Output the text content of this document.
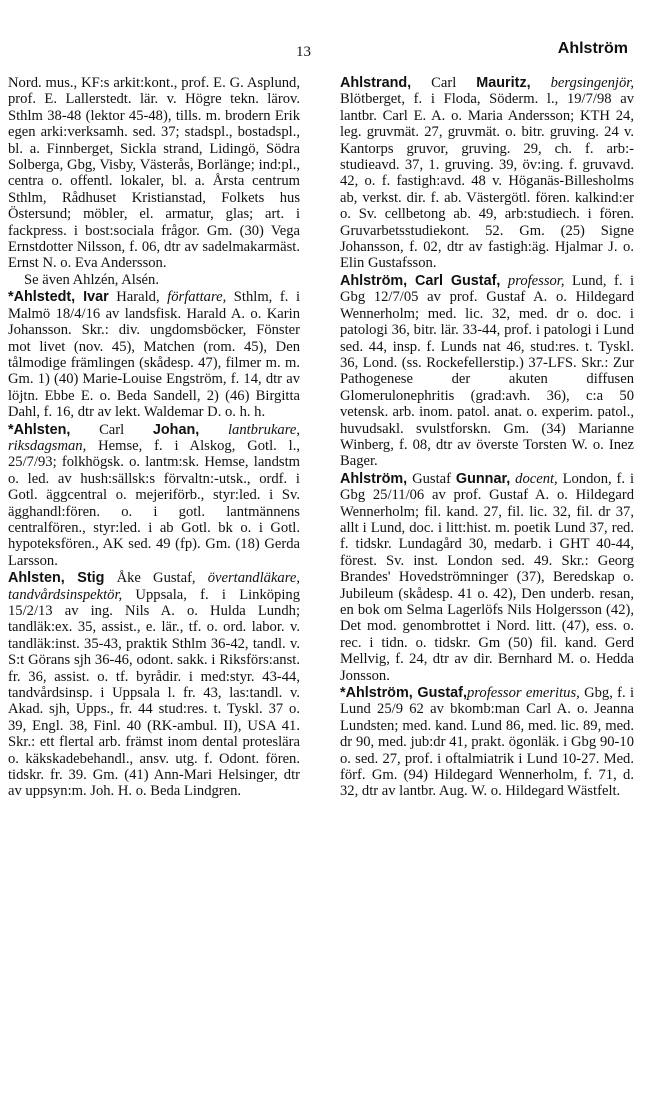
13	Ahlström

Nord. mus., KF:s arkit:kont., prof. E. G. Asplund, prof. E. Lallerstedt. lär. v. Högre tekn. lärov. Sthlm 38-48 (lektor 45-48), tills. m. brodern Erik egen arki:verksamh. sed. 37; stadspl., bostadspl., bl. a. Finnberget, Sickla strand, Lidingö, Södra Solberga, Gbg, Visby, Västerås, Borlänge; ind:pl., centra o. offentl. lokaler, bl. a. Årsta centrum Sthlm, Rådhuset Kristianstad, Folkets hus Östersund; möbler, el. armatur, glas; art. i fackpress. i bost:sociala frågor. Gm. (30) Vega Ernstdotter Nilsson, f. 06, dtr av sadelmakarmäst. Ernst N. o. Eva Andersson.

Se även Ahlzén, Alsén.

*Ahlstedt, Ivar Harald, författare, Sthlm, f. i Malmö 18/4/16 av landsfisk. Harald A. o. Karin Johansson. Skr.: div. ungdomsböcker, Fönster mot livet (nov. 45), Matchen (rom. 45), Den tålmodige främlingen (skådesp. 47), filmer m. m. Gm. 1) (40) Marie-Louise Engström, f. 14, dtr av löjtn. Ebbe E. o. Beda Sandell, 2) (46) Birgitta Dahl, f. 16, dtr av lekt. Waldemar D. o. h. h.

*Ahlsten, Carl Johan, lantbrukare, riksdagsman, Hemse, f. i Alskog, Gotl. l., 25/7/93; folkhögsk. o. lantm:sk. Hemse, landstm o. led. av hush:sällsk:s förvaltn:-utsk., ordf. i Gotl. äggcentral o. mejeriförb., styr:led. i Sv. ägghandl:fören. o. i gotl. lantmännens centralfören., styr:led. i ab Gotl. bk o. i Gotl. hypoteksfören., AK sed. 49 (fp). Gm. (18) Gerda Larsson.

Ahlsten, Stig Åke Gustaf, övertandläkare, tandvårdsinspektör, Uppsala, f. i Linköping 15/2/13 av ing. Nils A. o. Hulda Lundh; tandläk:ex. 35, assist., e. lär., tf. o. ord. labor. v. tandläk:inst. 35-43, praktik Sthlm 36-42, tandl. v. S:t Görans sjh 36-46, odont. sakk. i Riksförs:anst. fr. 36, assist. o. tf. byrådir. i med:styr. 43-44, tandvårdsinsp. i Uppsala l. fr. 43, las:tandl. v. Akad. sjh, Upps., fr. 44 stud:res. t. Tyskl. 37 o. 39, Engl. 38, Finl. 40 (RK-ambul. II), USA 41. Skr.: ett flertal arb. främst inom dental proteslära o. käkskadebehandl., ansv. utg. f. Odont. fören. tidskr. fr. 39. Gm. (41) Ann-Mari Helsinger, dtr av uppsyn:m. Joh. H. o. Beda Lindgren.

Ahlstrand, Carl Mauritz, bergsingenjör, Blötberget, f. i Floda, Söderm. l., 19/7/98 av lantbr. Carl E. A. o. Maria Andersson; KTH 24, leg. gruvmät. 27, gruvmät. o. bitr. gruving. 24 v. Kantorps gruvor, gruving. 29, ch. f. arb:-studieavd. 37, 1. gruving. 39, öv:ing. f. gruvavd. 42, o. f. fastigh:avd. 48 v. Höganäs-Billesholms ab, verkst. dir. f. ab. Västergötl. fören. kalkind:er o. Sv. cellbetong ab. 49, arb:studiech. i fören. Gruvarbetsstudiekont. 52. Gm. (25) Signe Johansson, f. 02, dtr av fastigh:äg. Hjalmar J. o. Elin Gustafsson.

Ahlström, Carl Gustaf, professor, Lund, f. i Gbg 12/7/05 av prof. Gustaf A. o. Hildegard Wennerholm; med. lic. 32, med. dr o. doc. i patologi 36, bitr. lär. 33-44, prof. i patologi i Lund sed. 44, insp. f. Lunds nat 46, stud:res. t. Tyskl. 36, Lond. (ss. Rockefellerstip.) 37-LFS. Skr.: Zur Pathogenese der akuten diffusen Glomerulonephritis (grad:avh. 36), c:a 50 vetensk. arb. inom. patol. anat. o. experim. patol., huvudsakl. svulstforskn. Gm. (34) Marianne Winberg, f. 08, dtr av överste Torsten W. o. Inez Bager.

Ahlström, Gustaf Gunnar, docent, London, f. i Gbg 25/11/06 av prof. Gustaf A. o. Hildegard Wennerholm; fil. kand. 27, fil. lic. 32, fil. dr 37, allt i Lund, doc. i litt:hist. m. poetik Lund 37, red. f. tidskr. Lundagård 30, medarb. i GHT 40-44, förest. Sv. inst. London sed. 49. Skr.: Georg Brandes' Hovedströmninger (37), Beredskap o. Jubileum (skådesp. 41 o. 42), Den underb. resan, en bok om Selma Lagerlöfs Nils Holgersson (42), Det mod. genombrottet i Nord. litt. (47), ess. o. rec. i tidn. o. tidskr. Gm (50) fil. kand. Gerd Mellvig, f. 24, dtr av dir. Bernhard M. o. Hedda Jonsson.

*Ahlström, Gustaf,professor emeritus, Gbg, f. i Lund 25/9 62 av bkomb:man Carl A. o. Jeanna Lundsten; med. kand. Lund 86, med. lic. 89, med. dr 90, med. jub:dr 41, prakt. ögonläk. i Gbg 90-10 o. sed. 27, prof. i oftalmiatrik i Lund 10-27. Med. förf. Gm. (94) Hildegard Wennerholm, f. 71, d. 32, dtr av lantbr. Aug. W. o. Hildegard Wästfelt.
